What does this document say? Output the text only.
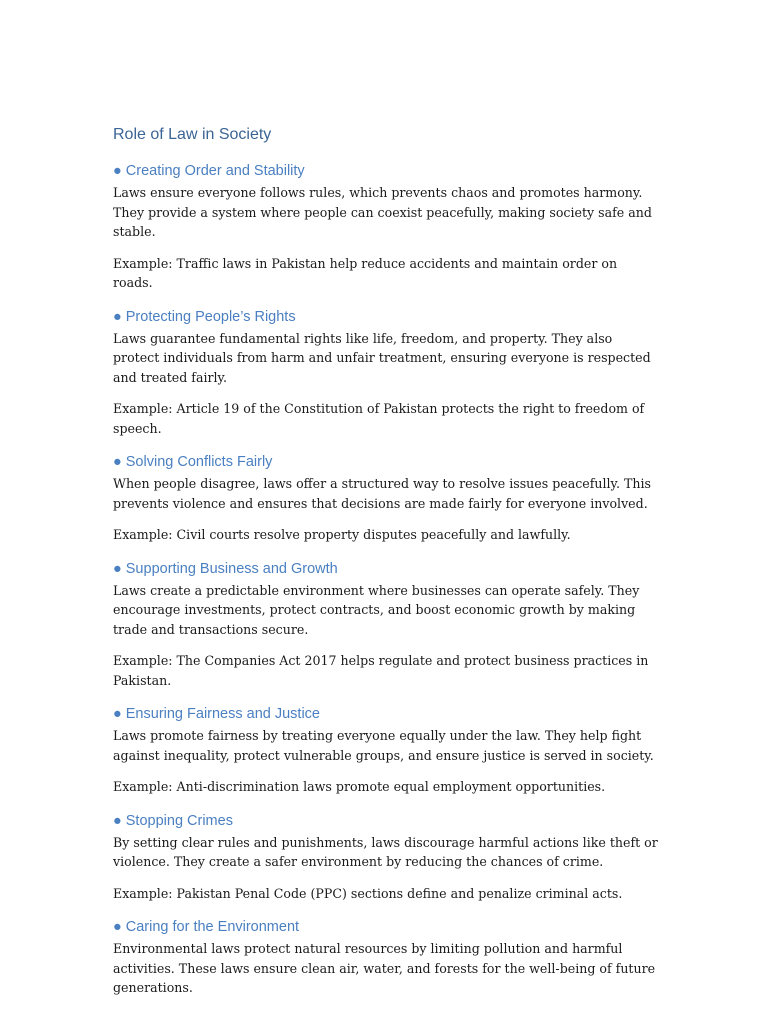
Role of Law in Society
● Creating Order and Stability

Laws ensure everyone follows rules, which prevents chaos and promotes harmony. They provide a system where people can coexist peacefully, making society safe and stable.

Example: Traffic laws in Pakistan help reduce accidents and maintain order on roads.

● Protecting People’s Rights

Laws guarantee fundamental rights like life, freedom, and property. They also protect individuals from harm and unfair treatment, ensuring everyone is respected and treated fairly.

Example: Article 19 of the Constitution of Pakistan protects the right to freedom of speech.

● Solving Conflicts Fairly

When people disagree, laws offer a structured way to resolve issues peacefully. This prevents violence and ensures that decisions are made fairly for everyone involved.

Example: Civil courts resolve property disputes peacefully and lawfully.

● Supporting Business and Growth

Laws create a predictable environment where businesses can operate safely. They encourage investments, protect contracts, and boost economic growth by making trade and transactions secure.

Example: The Companies Act 2017 helps regulate and protect business practices in Pakistan.

● Ensuring Fairness and Justice

Laws promote fairness by treating everyone equally under the law. They help fight against inequality, protect vulnerable groups, and ensure justice is served in society.

Example: Anti-discrimination laws promote equal employment opportunities.

● Stopping Crimes

By setting clear rules and punishments, laws discourage harmful actions like theft or violence. They create a safer environment by reducing the chances of crime.

Example: Pakistan Penal Code (PPC) sections define and penalize criminal acts.

● Caring for the Environment

Environmental laws protect natural resources by limiting pollution and harmful activities. These laws ensure clean air, water, and forests for the well-being of future generations.
